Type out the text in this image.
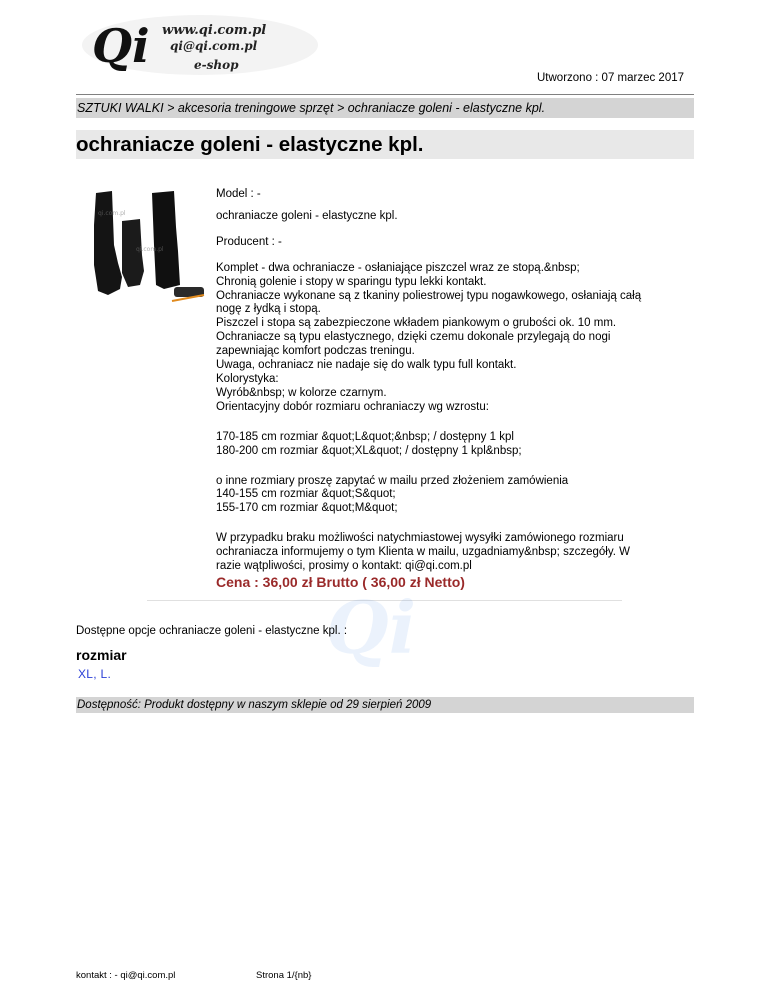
Qi www.qi.com.pl
qi@qi.com.pl
e-shop
Utworzono : 07 marzec 2017
SZTUKI WALKI > akcesoria treningowe sprzęt > ochraniacze goleni - elastyczne kpl.
ochraniacze goleni - elastyczne kpl.
qi.com.pl
qi.com.pl
Model : -
ochraniacze goleni - elastyczne kpl.
Producent : -
Komplet - dwa ochraniacze - osłaniające piszczel wraz ze stopą.&nbsp;
Chronią golenie i stopy w sparingu typu lekki kontakt.
Ochraniacze wykonane są z tkaniny poliestrowej typu nogawkowego, osłaniają całą
nogę z łydką i stopą.
Piszczel i stopa są zabezpieczone wkładem piankowym o grubości ok. 10 mm.
Ochraniacze są typu elastycznego, dzięki czemu dokonale przylegają do nogi
zapewniając komfort podczas treningu.
Uwaga, ochraniacz nie nadaje się do walk typu full kontakt.
Kolorystyka:
Wyrób&nbsp; w kolorze czarnym.
Orientacyjny dobór rozmiaru ochraniaczy wg wzrostu:
170-185 cm rozmiar &quot;L&quot;&nbsp; / dostępny 1 kpl
180-200 cm rozmiar &quot;XL&quot; / dostępny 1 kpl&nbsp;
o inne rozmiary proszę zapytać w mailu przed złożeniem zamówienia
140-155 cm rozmiar &quot;S&quot;
155-170 cm rozmiar &quot;M&quot;
W przypadku braku możliwości natychmiastowej wysyłki zamówionego rozmiaru
ochraniacza informujemy o tym Klienta w mailu, uzgadniamy&nbsp; szczegóły. W
razie wątpliwości, prosimy o kontakt: qi@qi.com.pl
Cena : 36,00 zł Brutto ( 36,00 zł Netto)
Qi
Dostępne opcje ochraniacze goleni - elastyczne kpl. :
rozmiar
XL, L.
Dostępność: Produkt dostępny w naszym sklepie od 29 sierpień 2009
kontakt : - qi@qi.com.pl	Strona 1/{nb}
